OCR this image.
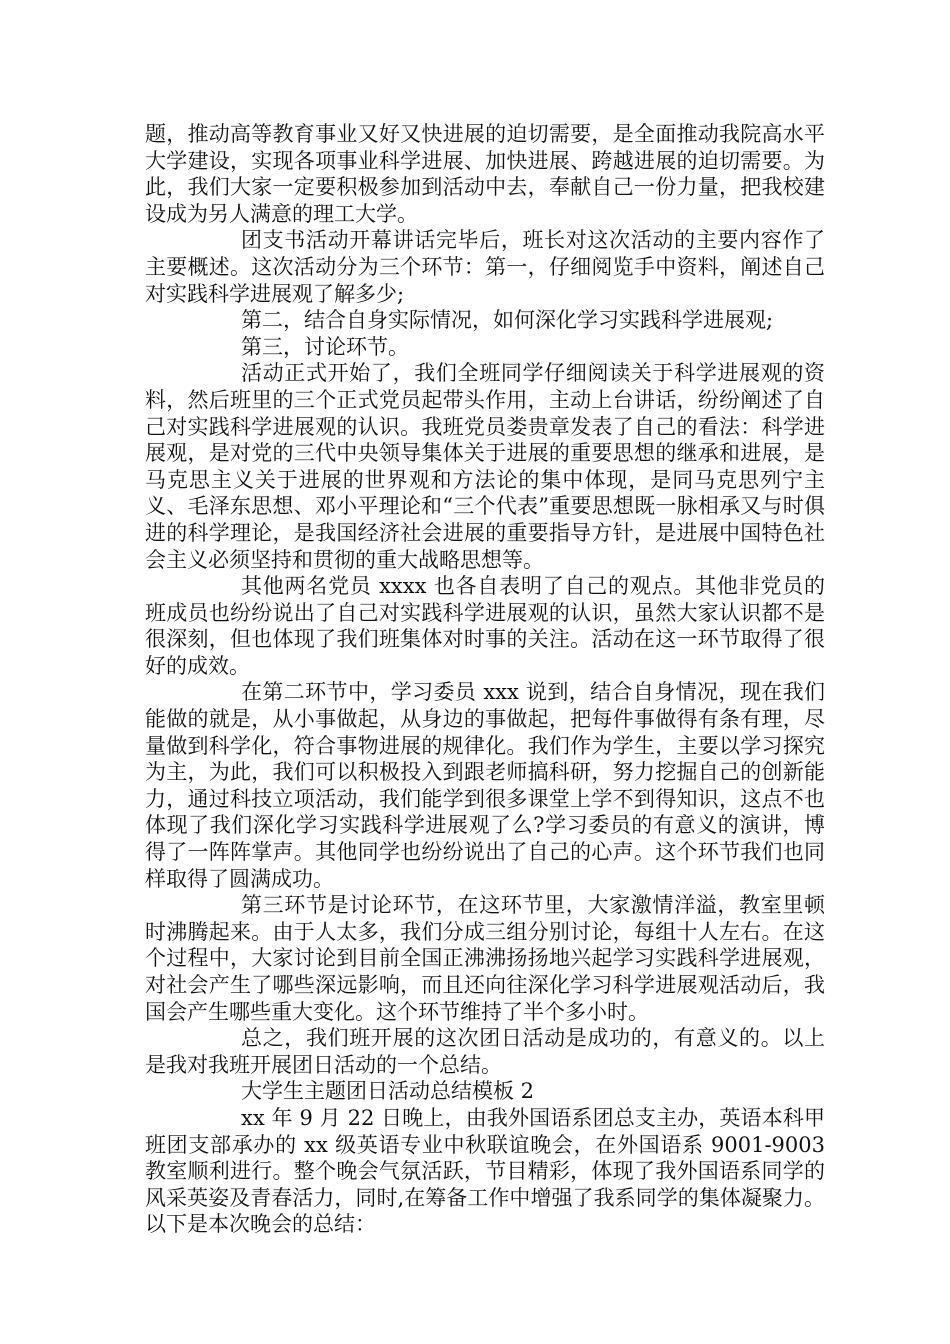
题，推动高等教育事业又好又快进展的迫切需要，是全面推动我院高水平大学建设，实现各项事业科学进展、加快进展、跨越进展的迫切需要。为此，我们大家一定要积极参加到活动中去，奉献自己一份力量，把我校建设成为另人满意的理工大学。

团支书活动开幕讲话完毕后，班长对这次活动的主要内容作了主要概述。这次活动分为三个环节：第一，仔细阅览手中资料，阐述自己对实践科学进展观了解多少;

第二，结合自身实际情况，如何深化学习实践科学进展观;

第三，讨论环节。

活动正式开始了，我们全班同学仔细阅读关于科学进展观的资料，然后班里的三个正式党员起带头作用，主动上台讲话，纷纷阐述了自己对实践科学进展观的认识。我班党员娄贵章发表了自己的看法：科学进展观，是对党的三代中央领导集体关于进展的重要思想的继承和进展，是马克思主义关于进展的世界观和方法论的集中体现，是同马克思列宁主义、毛泽东思想、邓小平理论和“三个代表”重要思想既一脉相承又与时俱进的科学理论，是我国经济社会进展的重要指导方针，是进展中国特色社会主义必须坚持和贯彻的重大战略思想等。

其他两名党员 xxxx 也各自表明了自己的观点。其他非党员的班成员也纷纷说出了自己对实践科学进展观的认识，虽然大家认识都不是很深刻，但也体现了我们班集体对时事的关注。活动在这一环节取得了很好的成效。

在第二环节中，学习委员 xxx 说到，结合自身情况，现在我们能做的就是，从小事做起，从身边的事做起，把每件事做得有条有理，尽量做到科学化，符合事物进展的规律化。我们作为学生，主要以学习探究为主，为此，我们可以积极投入到跟老师搞科研，努力挖掘自己的创新能力，通过科技立项活动，我们能学到很多课堂上学不到得知识，这点不也体现了我们深化学习实践科学进展观了么?学习委员的有意义的演讲，博得了一阵阵掌声。其他同学也纷纷说出了自己的心声。这个环节我们也同样取得了圆满成功。

第三环节是讨论环节，在这环节里，大家激情洋溢，教室里顿时沸腾起来。由于人太多，我们分成三组分别讨论，每组十人左右。在这个过程中，大家讨论到目前全国正沸沸扬扬地兴起学习实践科学进展观，对社会产生了哪些深远影响，而且还向往深化学习科学进展观活动后，我国会产生哪些重大变化。这个环节维持了半个多小时。

总之，我们班开展的这次团日活动是成功的，有意义的。以上是我对我班开展团日活动的一个总结。

大学生主题团日活动总结模板 2

xx 年 9 月 22 日晚上，由我外国语系团总支主办，英语本科甲班团支部承办的 xx 级英语专业中秋联谊晚会，在外国语系 9001-9003 教室顺利进行。整个晚会气氛活跃，节目精彩，体现了我外国语系同学的风采英姿及青春活力，同时,在筹备工作中增强了我系同学的集体凝聚力。以下是本次晚会的总结：
